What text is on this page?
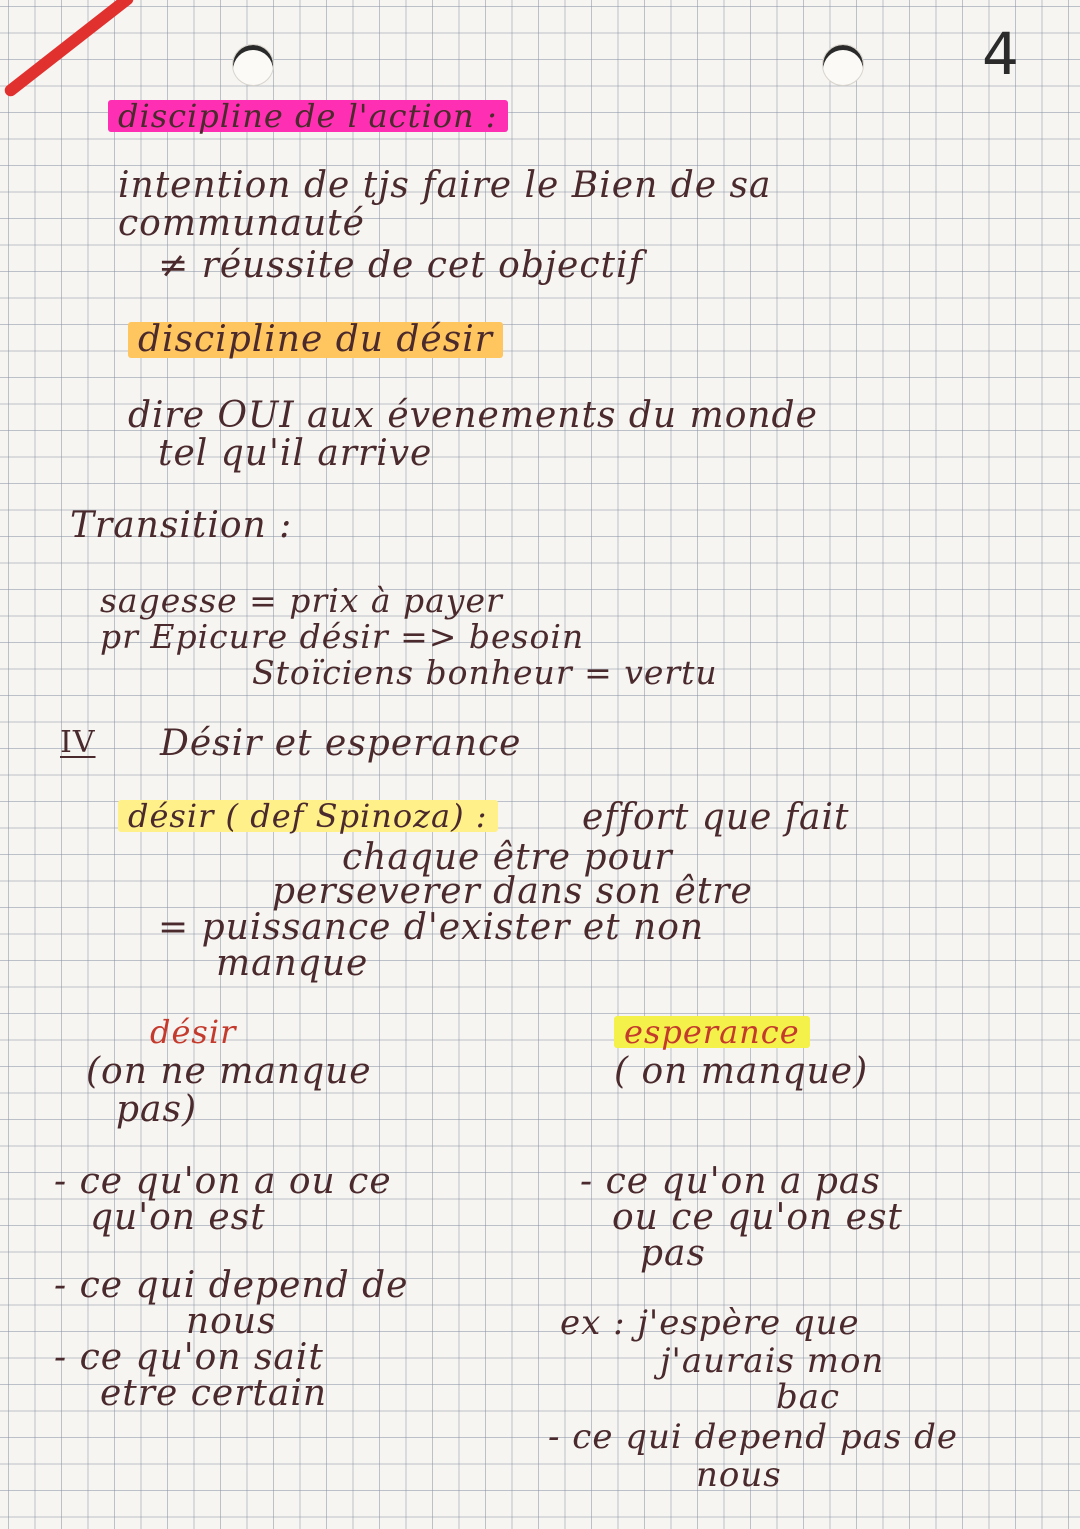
4
discipline de l'action :
intention de tjs faire le Bien de sa
communauté
≠ réussite de cet objectif
discipline du désir
dire OUI aux évenements du monde
tel qu'il arrive
Transition :
sagesse = prix à payer
pr Epicure désir => besoin
Stoïciens bonheur = vertu
IV Désir et esperance
désir ( def Spinoza) :	effort que fait
chaque être pour
perseverer dans son être
= puissance d'exister et non
manque
désir
(on ne manque
pas)
- ce qu'on a ou ce
qu'on est
- ce qui depend de
nous
- ce qu'on sait
etre certain
esperance
( on manque)
- ce qu'on a pas
ou ce qu'on est
pas
ex : j'espère que
j'aurais mon
bac
- ce qui depend pas de
nous
